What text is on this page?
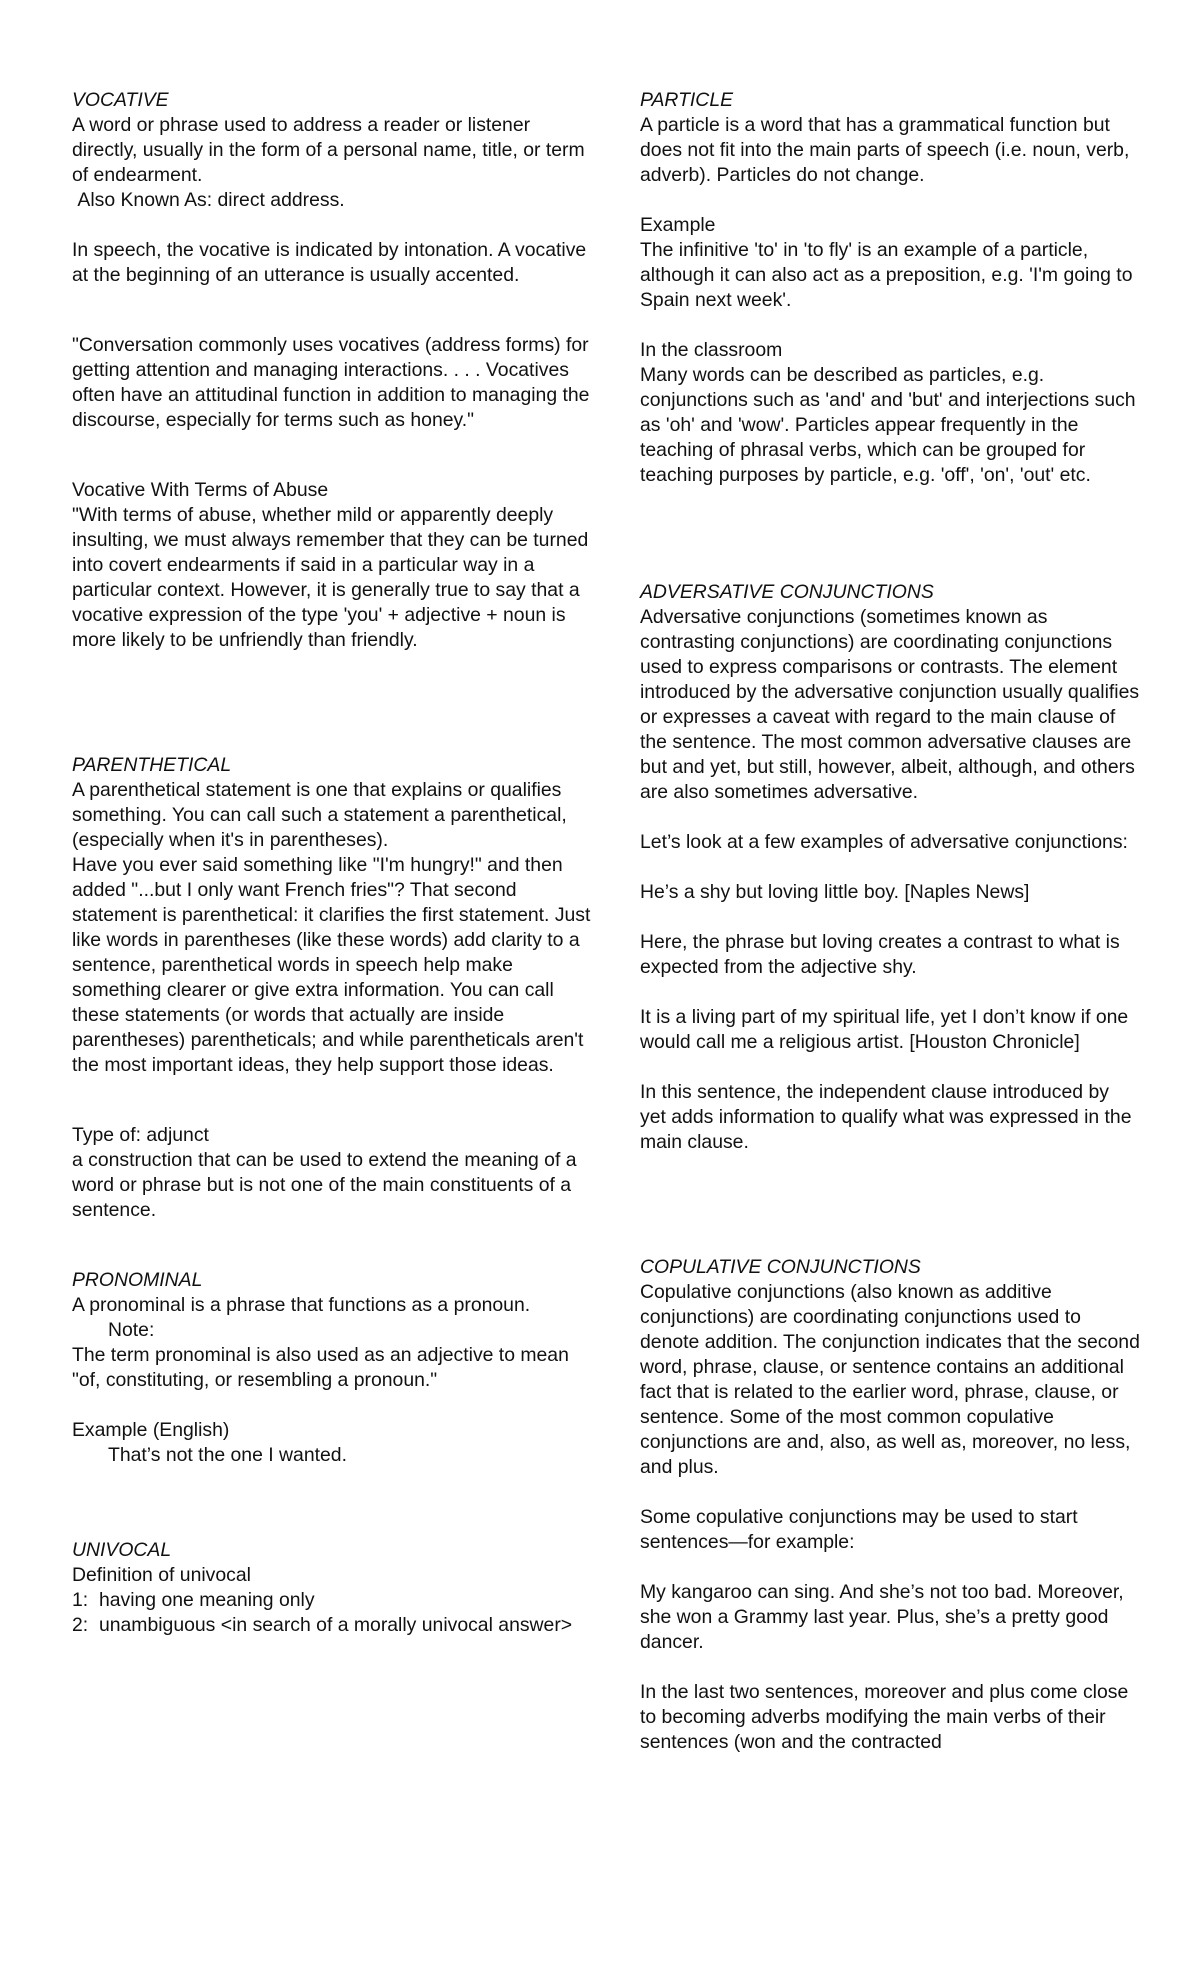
VOCATIVE

A word or phrase used to address a reader or listener directly, usually in the form of a personal name, title, or term of endearment.

Also Known As: direct address.

In speech, the vocative is indicated by intonation. A vocative at the beginning of an utterance is usually accented.

"Conversation commonly uses vocatives (address forms) for getting attention and managing interactions. . . . Vocatives often have an attitudinal function in addition to managing the discourse, especially for terms such as honey."

Vocative With Terms of Abuse

"With terms of abuse, whether mild or apparently deeply insulting, we must always remember that they can be turned into covert endearments if said in a particular way in a particular context. However, it is generally true to say that a vocative expression of the type 'you' + adjective + noun is more likely to be unfriendly than friendly.

PARENTHETICAL

A parenthetical statement is one that explains or qualifies something. You can call such a statement a parenthetical, (especially when it's in parentheses).

Have you ever said something like "I'm hungry!" and then added "...but I only want French fries"? That second statement is parenthetical: it clarifies the first statement. Just like words in parentheses (like these words) add clarity to a sentence, parenthetical words in speech help make something clearer or give extra information. You can call these statements (or words that actually are inside parentheses) parentheticals; and while parentheticals aren't the most important ideas, they help support those ideas.

Type of: adjunct

a construction that can be used to extend the meaning of a word or phrase but is not one of the main constituents of a sentence.

PRONOMINAL

A pronominal is a phrase that functions as a pronoun.

Note:

The term pronominal is also used as an adjective to mean "of, constituting, or resembling a pronoun."

Example (English)

That’s not the one I wanted.

UNIVOCAL

Definition of univocal

1:  having one meaning only

2:  unambiguous <in search of a morally univocal answer>

PARTICLE

A particle is a word that has a grammatical function but does not fit into the main parts of speech (i.e. noun, verb, adverb). Particles do not change.

Example

The infinitive 'to' in 'to fly' is an example of a particle, although it can also act as a preposition, e.g. 'I'm going to Spain next week'.

In the classroom

Many words can be described as particles, e.g. conjunctions such as 'and' and 'but' and interjections such as 'oh' and 'wow'. Particles appear frequently in the teaching of phrasal verbs, which can be grouped for teaching purposes by particle, e.g. 'off', 'on', 'out' etc.

ADVERSATIVE CONJUNCTIONS

Adversative conjunctions (sometimes known as contrasting conjunctions) are coordinating conjunctions used to express comparisons or contrasts. The element introduced by the adversative conjunction usually qualifies or expresses a caveat with regard to the main clause of the sentence. The most common adversative clauses are but and yet, but still, however, albeit, although, and others are also sometimes adversative.

Let’s look at a few examples of adversative conjunctions:

He’s a shy but loving little boy. [Naples News]

Here, the phrase but loving creates a contrast to what is expected from the adjective shy.

It is a living part of my spiritual life, yet I don’t know if one would call me a religious artist. [Houston Chronicle]

In this sentence, the independent clause introduced by yet adds information to qualify what was expressed in the main clause.

COPULATIVE CONJUNCTIONS

Copulative conjunctions (also known as additive conjunctions) are coordinating conjunctions used to denote addition. The conjunction indicates that the second word, phrase, clause, or sentence contains an additional fact that is related to the earlier word, phrase, clause, or sentence. Some of the most common copulative conjunctions are and, also, as well as, moreover, no less, and plus.

Some copulative conjunctions may be used to start sentences—for example:

My kangaroo can sing. And she’s not too bad. Moreover, she won a Grammy last year. Plus, she’s a pretty good dancer.

In the last two sentences, moreover and plus come close to becoming adverbs modifying the main verbs of their sentences (won and the contracted
